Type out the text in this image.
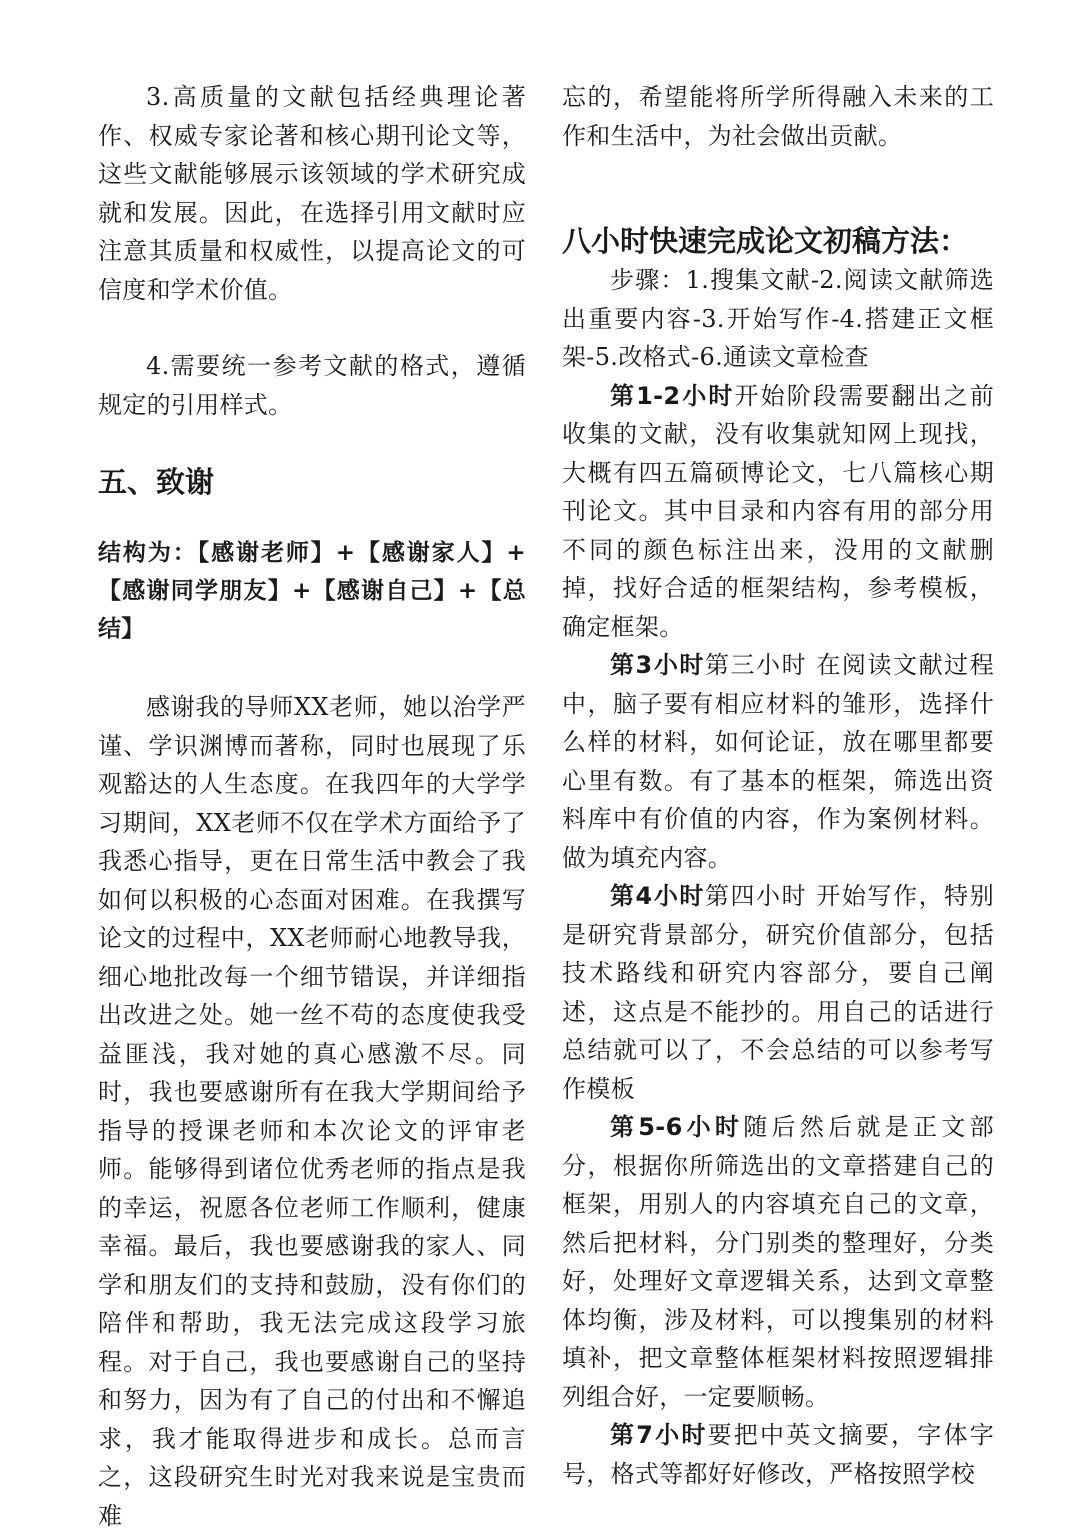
3.高质量的文献包括经典理论著作、权威专家论著和核心期刊论文等，这些文献能够展示该领域的学术研究成就和发展。因此，在选择引用文献时应注意其质量和权威性，以提高论文的可信度和学术价值。

4.需要统一参考文献的格式，遵循规定的引用样式。

五、致谢

结构为：【感谢老师】+【感谢家人】+【感谢同学朋友】+【感谢自己】+【总结】

感谢我的导师XX老师，她以治学严谨、学识渊博而著称，同时也展现了乐观豁达的人生态度。在我四年的大学学习期间，XX老师不仅在学术方面给予了我悉心指导，更在日常生活中教会了我如何以积极的心态面对困难。在我撰写论文的过程中，XX老师耐心地教导我，细心地批改每一个细节错误，并详细指出改进之处。她一丝不苟的态度使我受益匪浅，我对她的真心感激不尽。同时，我也要感谢所有在我大学期间给予指导的授课老师和本次论文的评审老师。能够得到诸位优秀老师的指点是我的幸运，祝愿各位老师工作顺利，健康幸福。最后，我也要感谢我的家人、同学和朋友们的支持和鼓励，没有你们的陪伴和帮助，我无法完成这段学习旅程。对于自己，我也要感谢自己的坚持和努力，因为有了自己的付出和不懈追求，我才能取得进步和成长。总而言之，这段研究生时光对我来说是宝贵而难

忘的，希望能将所学所得融入未来的工作和生活中，为社会做出贡献。

八小时快速完成论文初稿方法：

步骤：1.搜集文献-2.阅读文献筛选出重要内容-3.开始写作-4.搭建正文框架-5.改格式-6.通读文章检查

第1-2小时开始阶段需要翻出之前收集的文献，没有收集就知网上现找，大概有四五篇硕博论文，七八篇核心期刊论文。其中目录和内容有用的部分用不同的颜色标注出来，没用的文献删掉，找好合适的框架结构，参考模板，确定框架。

第3小时第三小时 在阅读文献过程中，脑子要有相应材料的雏形，选择什么样的材料，如何论证，放在哪里都要心里有数。有了基本的框架，筛选出资料库中有价值的内容，作为案例材料。做为填充内容。

第4小时第四小时 开始写作，特别是研究背景部分，研究价值部分，包括技术路线和研究内容部分，要自己阐述，这点是不能抄的。用自己的话进行总结就可以了，不会总结的可以参考写作模板

第5-6小时随后然后就是正文部分，根据你所筛选出的文章搭建自己的框架，用别人的内容填充自己的文章，然后把材料，分门别类的整理好，分类好，处理好文章逻辑关系，达到文章整体均衡，涉及材料，可以搜集别的材料填补，把文章整体框架材料按照逻辑排列组合好，一定要顺畅。

第7小时要把中英文摘要，字体字号，格式等都好好修改，严格按照学校
